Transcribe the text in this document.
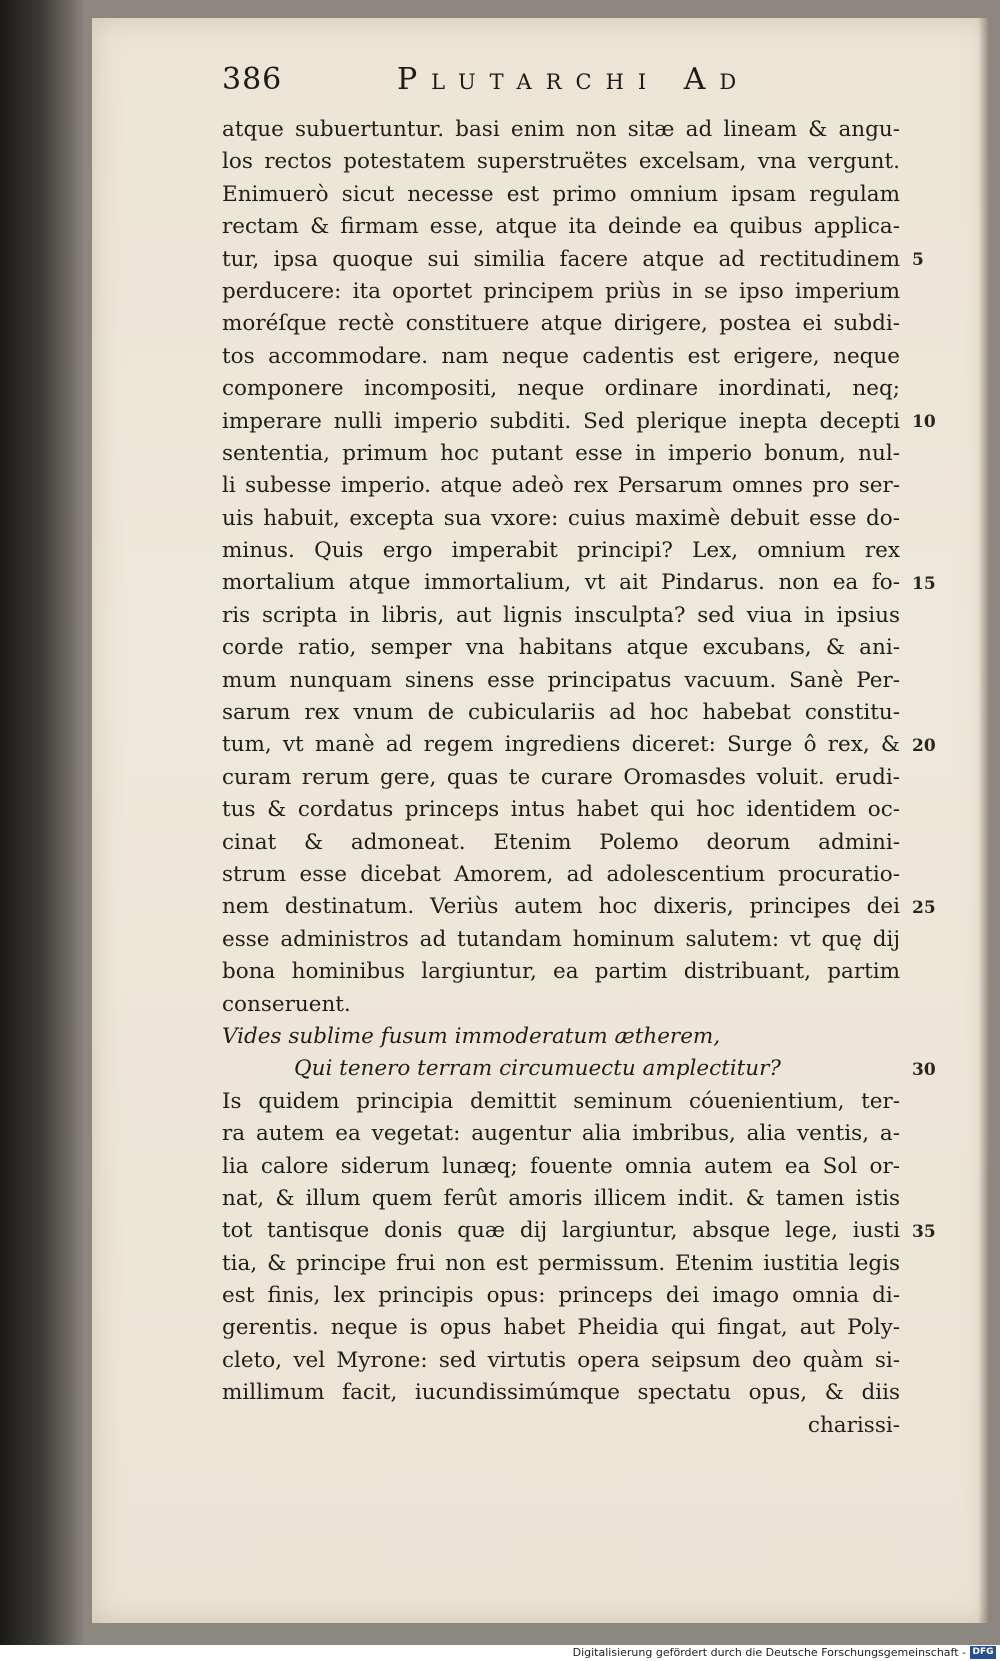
386	Plutarchi Ad
atque subuertuntur. basi enim non sitæ ad lineam & angu-
los rectos potestatem superstruëtes excelsam, vna vergunt.
Enimuerò sicut necesse est primo omnium ipsam regulam
rectam & firmam esse, atque ita deinde ea quibus applica-
tur, ipsa quoque sui similia facere atque ad rectitudinem
perducere: ita oportet principem priùs in se ipso imperium
moréſque rectè constituere atque dirigere, postea ei subdi-
tos accommodare. nam neque cadentis est erigere, neque
componere incompositi, neque ordinare inordinati, neq;
imperare nulli imperio subditi. Sed plerique inepta decepti
sententia, primum hoc putant esse in imperio bonum, nul-
li subesse imperio. atque adeò rex Persarum omnes pro ser-
uis habuit, excepta sua vxore: cuius maximè debuit esse do-
minus. Quis ergo imperabit principi? Lex, omnium rex
mortalium atque immortalium, vt ait Pindarus. non ea fo-
ris scripta in libris, aut lignis insculpta? sed viua in ipsius
corde ratio, semper vna habitans atque excubans, & ani-
mum nunquam sinens esse principatus vacuum. Sanè Per-
sarum rex vnum de cubiculariis ad hoc habebat constitu-
tum, vt manè ad regem ingrediens diceret: Surge ô rex, &
curam rerum gere, quas te curare Oromasdes voluit. erudi-
tus & cordatus princeps intus habet qui hoc identidem oc-
cinat & admoneat. Etenim Polemo deorum admini-
strum esse dicebat Amorem, ad adolescentium procuratio-
nem destinatum. Veriùs autem hoc dixeris, principes dei
esse administros ad tutandam hominum salutem: vt quę dij
bona hominibus largiuntur, ea partim distribuant, partim
conseruent.
Vides sublime fusum immoderatum ætherem,
Qui tenero terram circumuectu amplectitur?
Is quidem principia demittit seminum cóuenientium, ter-
ra autem ea vegetat: augentur alia imbribus, alia ventis, a-
lia calore siderum lunæq; fouente omnia autem ea Sol or-
nat, & illum quem ferût amoris illicem indit. & tamen istis
tot tantisque donis quæ dij largiuntur, absque lege, iusti
tia, & principe frui non est permissum. Etenim iustitia legis
est finis, lex principis opus: princeps dei imago omnia di-
gerentis. neque is opus habet Pheidia qui fingat, aut Poly-
cleto, vel Myrone: sed virtutis opera seipsum deo quàm si-
millimum facit, iucundissimúmque spectatu opus, & diis
charissi-
5
10
15
20
25
30
35
Digitalisierung gefördert durch die Deutsche Forschungsgemeinschaft - DFG
